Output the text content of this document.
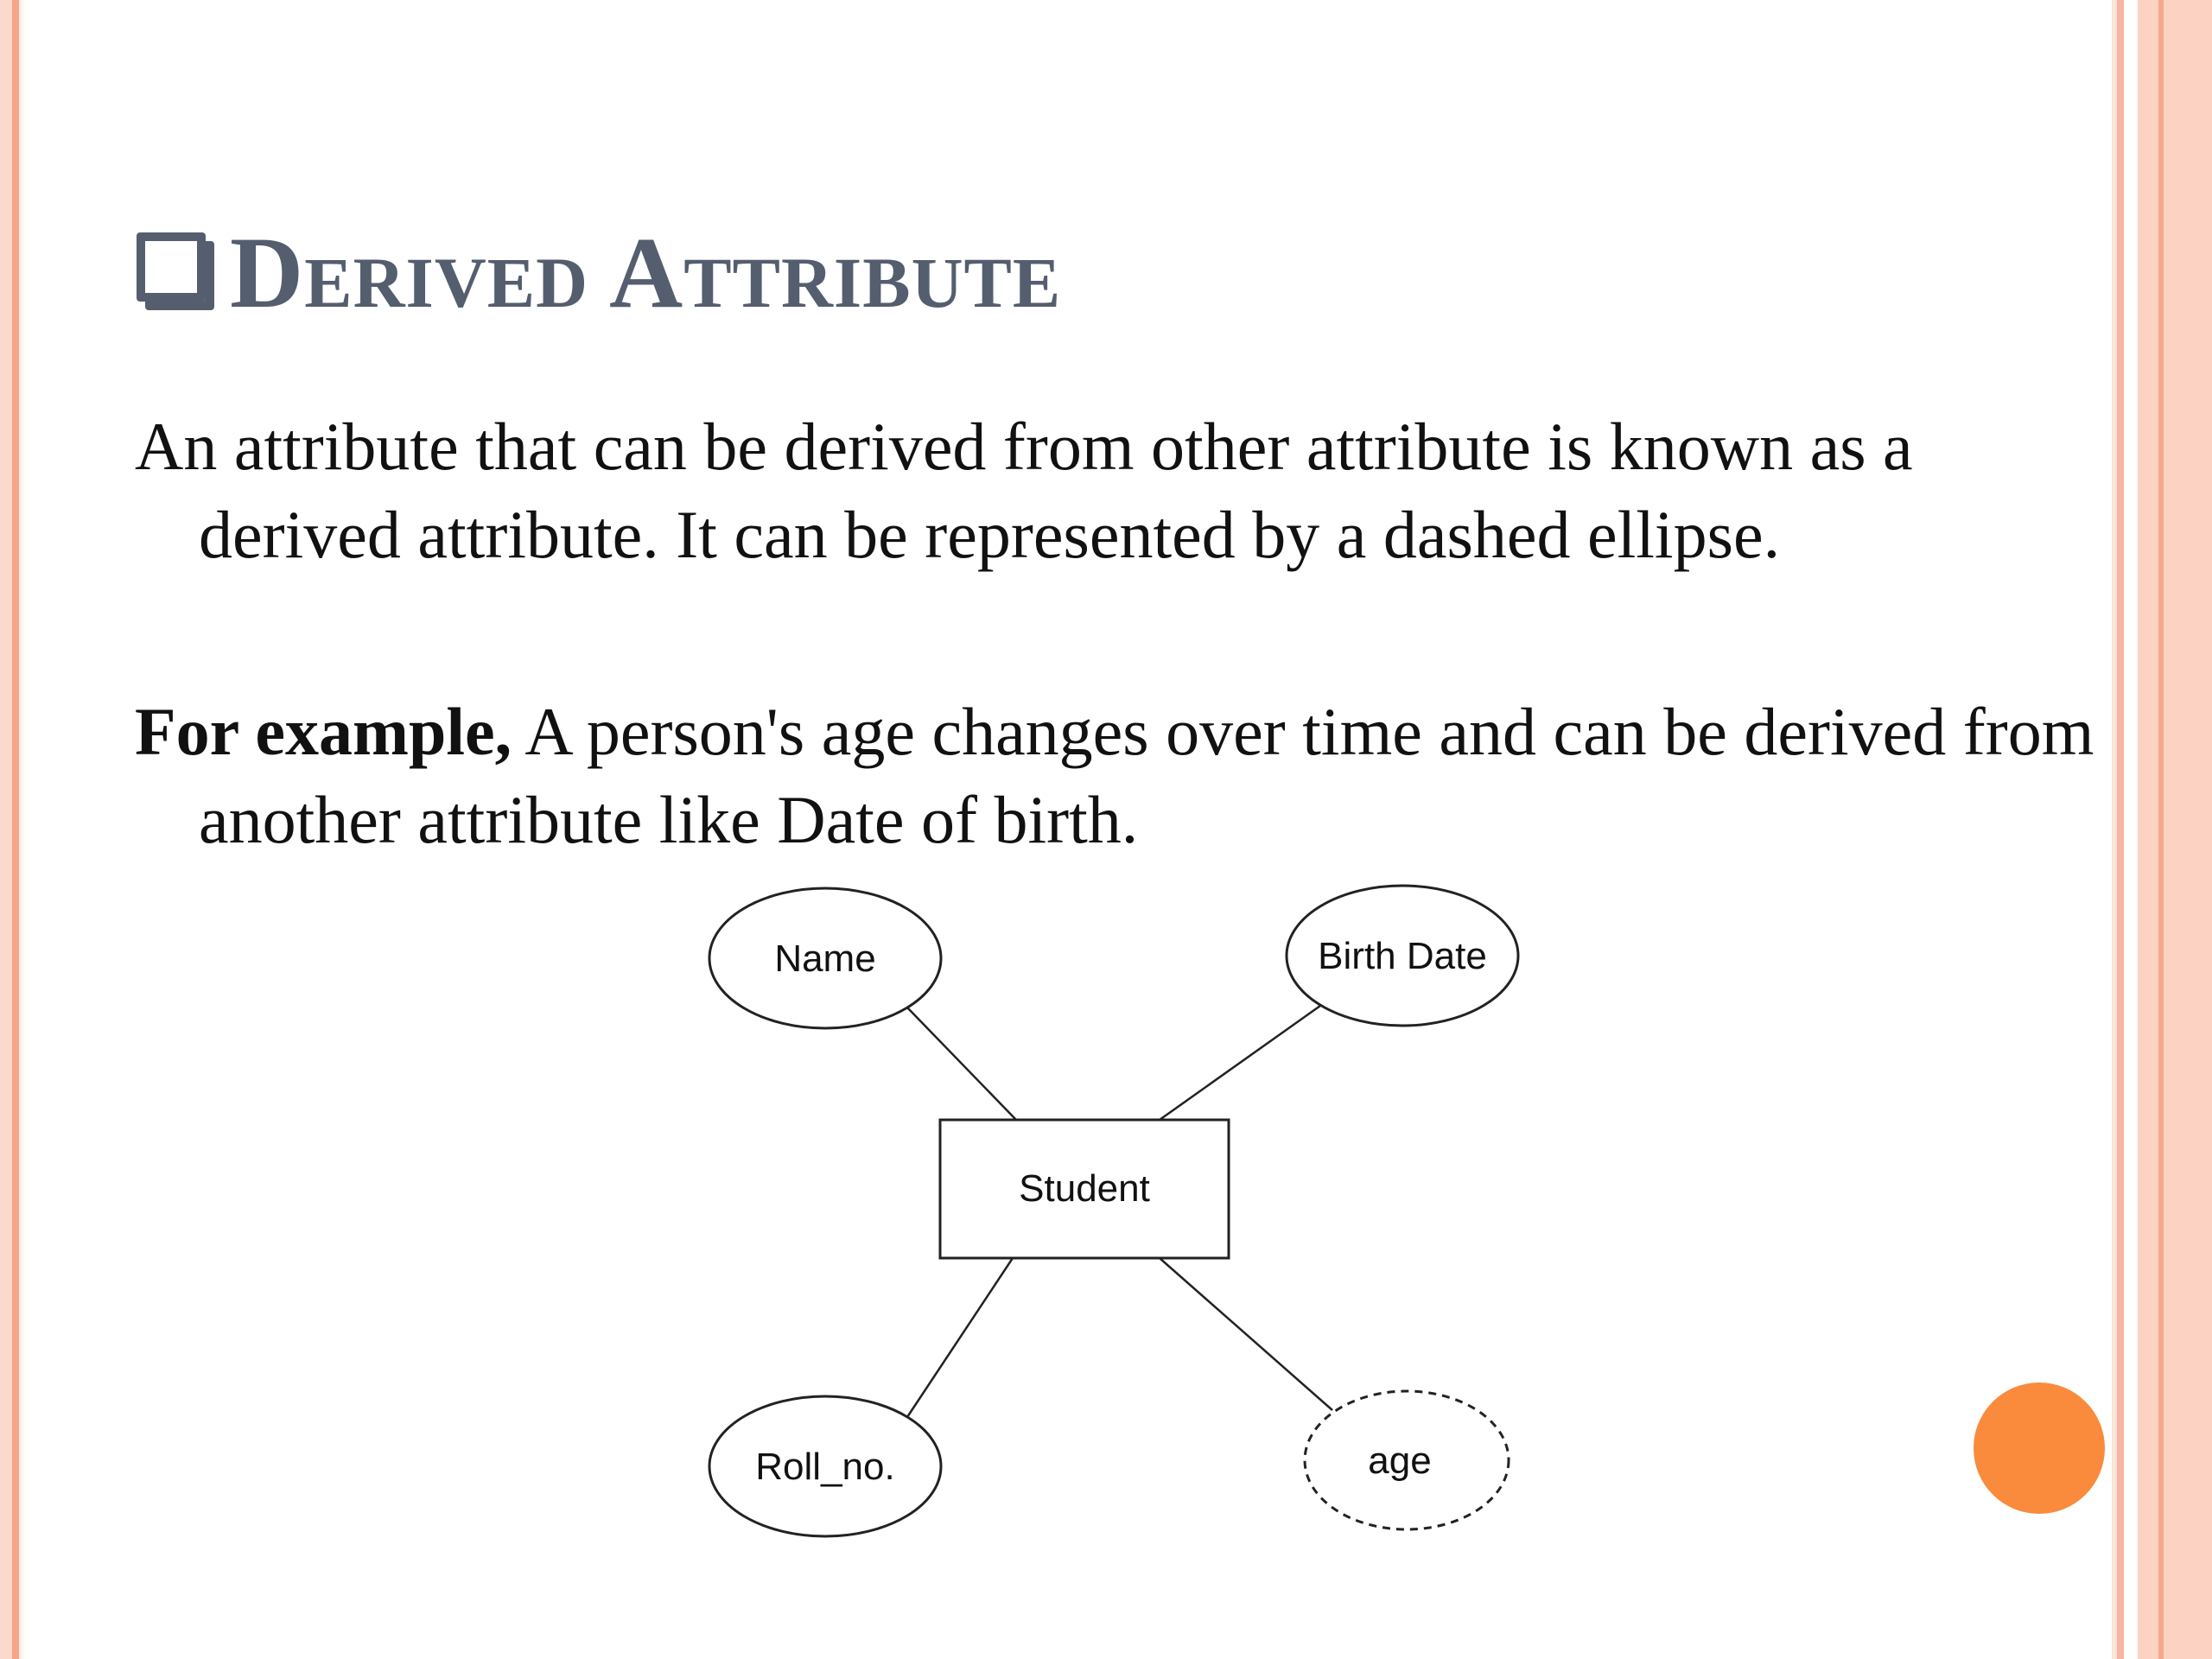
Derived Attribute
An attribute that can be derived from other attribute is known as a derived attribute. It can be represented by a dashed ellipse.
For example, A person's age changes over time and can be derived from another attribute like Date of birth.
Student
Name	Birth Date
Roll_no.	age
